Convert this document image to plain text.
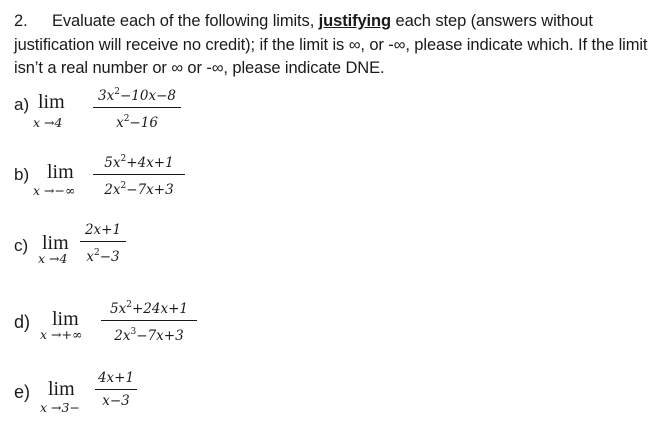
2. Evaluate each of the following limits, justifying each step (answers without justification will receive no credit); if the limit is ∞, or -∞, please indicate which. If the limit isn’t a real number or ∞ or -∞, please indicate DNE.
a) lim
x →4
$3x^2-10x-8$
$x^2-16$
b) lim
x →−∞
$5x^2+4x+1$
$2x^2-7x+3$
c) lim
x →4
2x+1
$x^2-3$
d) lim
x →+∞
$5x^2+24x+1$
$2x^3-7x+3$
e) lim
x →3−
4x+1
x−3
